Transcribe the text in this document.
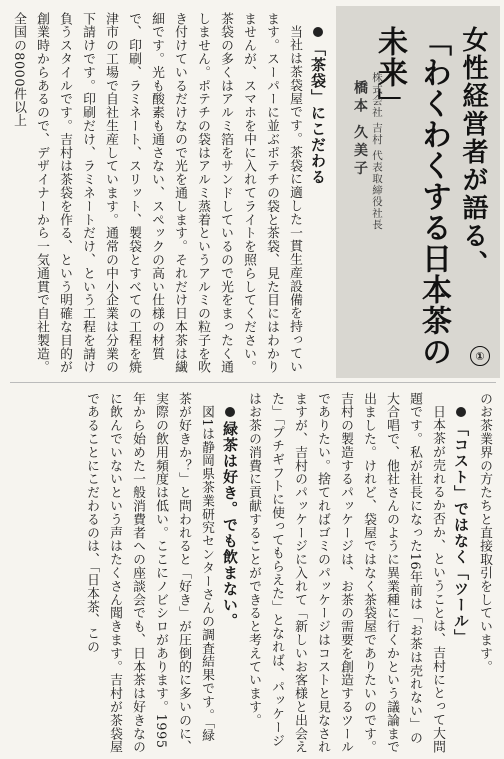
女性経営者が語る、
「わくわくする日本茶の未来」
株式会社 吉村 代表取締役社長
橋本 久美子
①

「茶袋」にこだわる

当社は茶袋屋です。茶袋に適した一貫生産設備を持っています。スーパーに並ぶポテチの袋と茶袋、見た目にはわかりませんが、スマホを中に入れてライトを照らしてください。茶袋の多くはアルミ箔をサンドしているので光をまったく通しません。ポテチの袋はアルミ蒸着というアルミの粒子を吹き付けているだけなので光を通します。それだけ日本茶は繊細です。光も酸素も通さない、スペックの高い仕様の材質で、印刷、ラミネート、スリット、製袋とすべての工程を焼津市の工場で自社生産しています。通常の中小企業は分業の下請けです。印刷だけ、ラミネートだけ、という工程を請け負うスタイルです。吉村は茶袋を作る、という明確な目的が創業時からあるので、デザイナーから一気通貫で自社製造。全国の8000件以上

のお茶業界の方たちと直接取引をしています。

「コスト」ではなく「ツール」

日本茶が売れるか否か、ということは、吉村にとって大問題です。私が社長になった16年前は「お茶は売れない」の大合唱で、他社さんのように異業種に行くかという議論まで出ました。けれど、袋屋ではなく茶袋屋でありたいのです。吉村の製造するパッケージは、お茶の需要を創造するツールでありたい。捨てればゴミのパッケージはコストと見なされますが、吉村のパッケージに入れて「新しいお客様と出会えた」「プチギフトに使ってもらえた」となれば、パッケージはお茶の消費に貢献することができると考えています。

緑茶は好き。でも飲まない。

図1は静岡県茶業研究センターさんの調査結果です。「緑茶が好きか？」と問われると「好き」が圧倒的に多いのに、実際の飲用頻度は低い。ここにノビシロがあります。1995年から始めた一般消費者への座談会でも、日本茶は好きなのに飲んでいないという声はたくさん聞きます。吉村が茶袋屋であることにこだわるのは、「日本茶、この
